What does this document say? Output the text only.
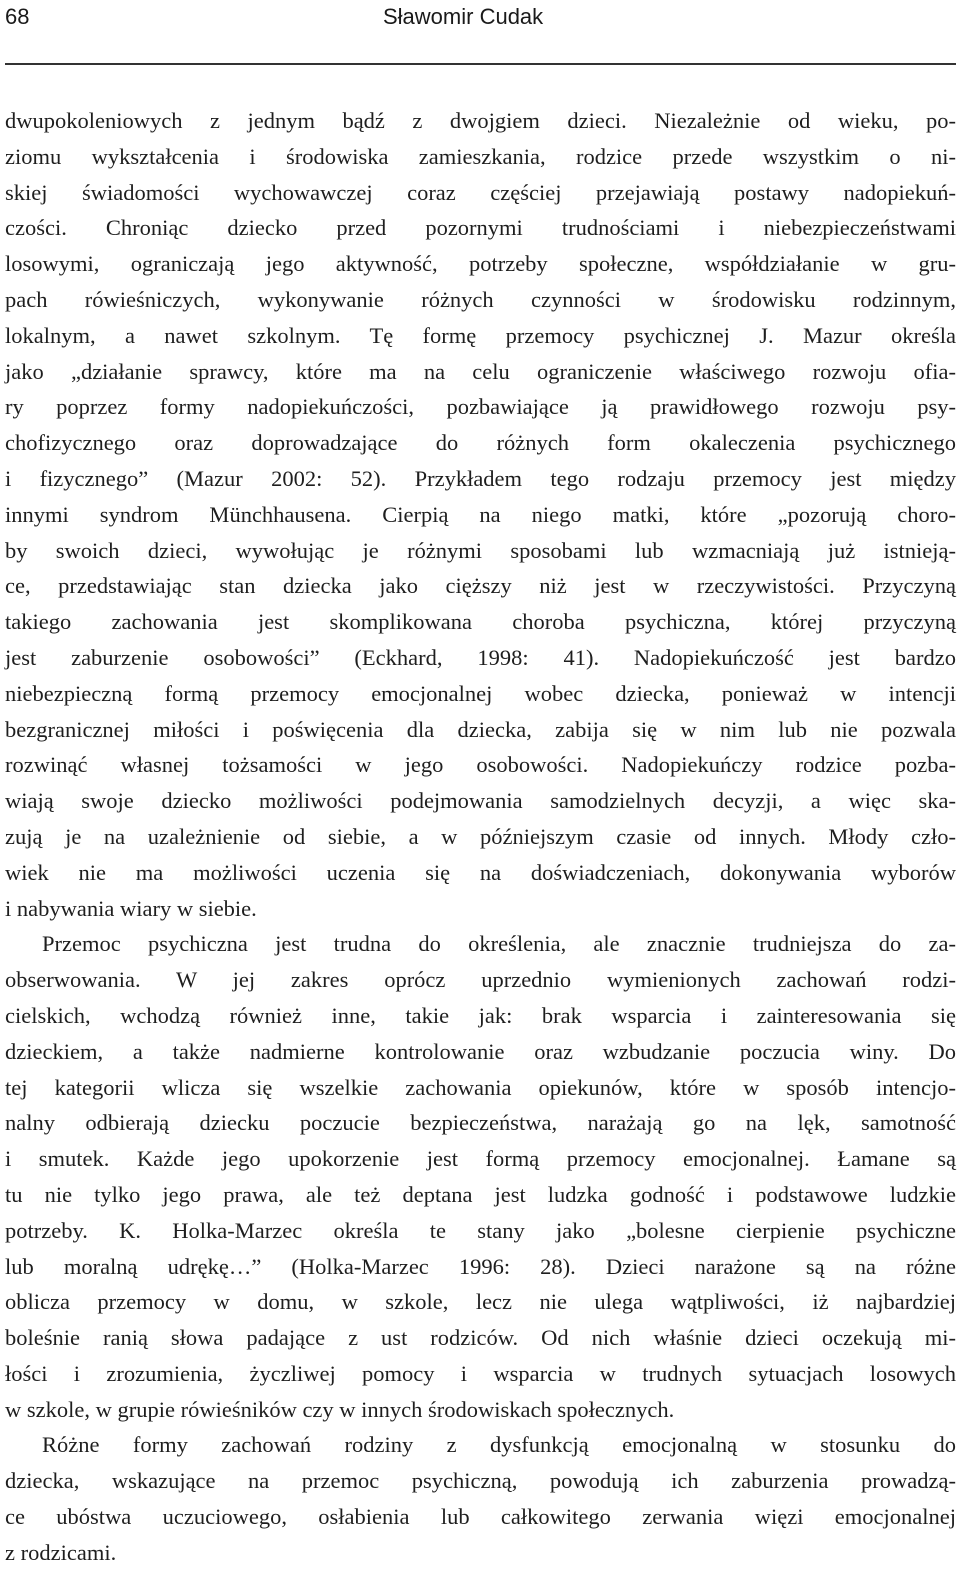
68	Sławomir Cudak
dwupokoleniowych z jednym bądź z dwojgiem dzieci. Niezależnie od wieku, po-
ziomu wykształcenia i środowiska zamieszkania, rodzice przede wszystkim o ni-
skiej świadomości wychowawczej coraz częściej przejawiają postawy nadopiekuń-
czości. Chroniąc dziecko przed pozornymi trudnościami i niebezpieczeństwami
losowymi, ograniczają jego aktywność, potrzeby społeczne, współdziałanie w gru-
pach rówieśniczych, wykonywanie różnych czynności w środowisku rodzinnym,
lokalnym, a nawet szkolnym. Tę formę przemocy psychicznej J. Mazur określa
jako „działanie sprawcy, które ma na celu ograniczenie właściwego rozwoju ofia-
ry poprzez formy nadopiekuńczości, pozbawiające ją prawidłowego rozwoju psy-
chofizycznego oraz doprowadzające do różnych form okaleczenia psychicznego
i fizycznego” (Mazur 2002: 52). Przykładem tego rodzaju przemocy jest między
innymi syndrom Münchhausena. Cierpią na niego matki, które „pozorują choro-
by swoich dzieci, wywołując je różnymi sposobami lub wzmacniają już istnieją-
ce, przedstawiając stan dziecka jako cięższy niż jest w rzeczywistości. Przyczyną
takiego zachowania jest skomplikowana choroba psychiczna, której przyczyną
jest zaburzenie osobowości” (Eckhard, 1998: 41). Nadopiekuńczość jest bardzo
niebezpieczną formą przemocy emocjonalnej wobec dziecka, ponieważ w intencji
bezgranicznej miłości i poświęcenia dla dziecka, zabija się w nim lub nie pozwala
rozwinąć własnej tożsamości w jego osobowości. Nadopiekuńczy rodzice pozba-
wiają swoje dziecko możliwości podejmowania samodzielnych decyzji, a więc ska-
zują je na uzależnienie od siebie, a w późniejszym czasie od innych. Młody czło-
wiek nie ma możliwości uczenia się na doświadczeniach, dokonywania wyborów
i nabywania wiary w siebie.
Przemoc psychiczna jest trudna do określenia, ale znacznie trudniejsza do za-
obserwowania. W jej zakres oprócz uprzednio wymienionych zachowań rodzi-
cielskich, wchodzą również inne, takie jak: brak wsparcia i zainteresowania się
dzieckiem, a także nadmierne kontrolowanie oraz wzbudzanie poczucia winy. Do
tej kategorii wlicza się wszelkie zachowania opiekunów, które w sposób intencjo-
nalny odbierają dziecku poczucie bezpieczeństwa, narażają go na lęk, samotność
i smutek. Każde jego upokorzenie jest formą przemocy emocjonalnej. Łamane są
tu nie tylko jego prawa, ale też deptana jest ludzka godność i podstawowe ludzkie
potrzeby. K. Holka-Marzec określa te stany jako „bolesne cierpienie psychiczne
lub moralną udrękę…” (Holka-Marzec 1996: 28). Dzieci narażone są na różne
oblicza przemocy w domu, w szkole, lecz nie ulega wątpliwości, iż najbardziej
boleśnie ranią słowa padające z ust rodziców. Od nich właśnie dzieci oczekują mi-
łości i zrozumienia, życzliwej pomocy i wsparcia w trudnych sytuacjach losowych
w szkole, w grupie rówieśników czy w innych środowiskach społecznych.
Różne formy zachowań rodziny z dysfunkcją emocjonalną w stosunku do
dziecka, wskazujące na przemoc psychiczną, powodują ich zaburzenia prowadzą-
ce ubóstwa uczuciowego, osłabienia lub całkowitego zerwania więzi emocjonalnej
z rodzicami.
